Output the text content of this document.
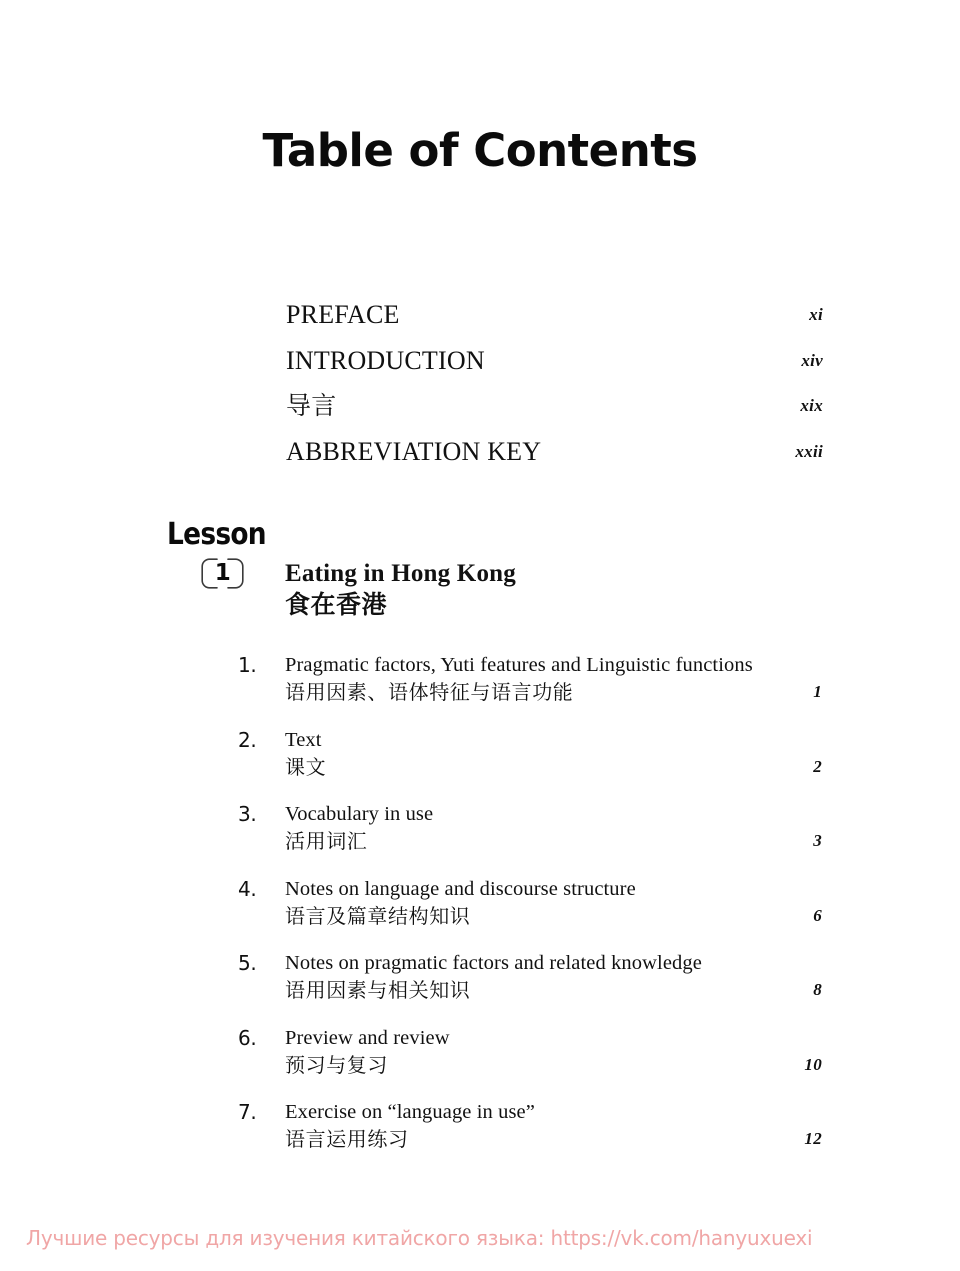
Table of Contents
PREFACE	xi
INTRODUCTION	xiv
导言	xix
ABBREVIATION KEY	xxii
Lesson
1	Eating in Hong Kong
食在香港
1.	Pragmatic factors, Yuti features and Linguistic functions
语用因素、语体特征与语言功能	1
2.	Text
课文	2
3.	Vocabulary in use
活用词汇	3
4.	Notes on language and discourse structure
语言及篇章结构知识	6
5.	Notes on pragmatic factors and related knowledge
语用因素与相关知识	8
6.	Preview and review
预习与复习	10
7.	Exercise on “language in use”
语言运用练习	12
Лучшие ресурсы для изучения китайского языка: https://vk.com/hanyuxuexi
